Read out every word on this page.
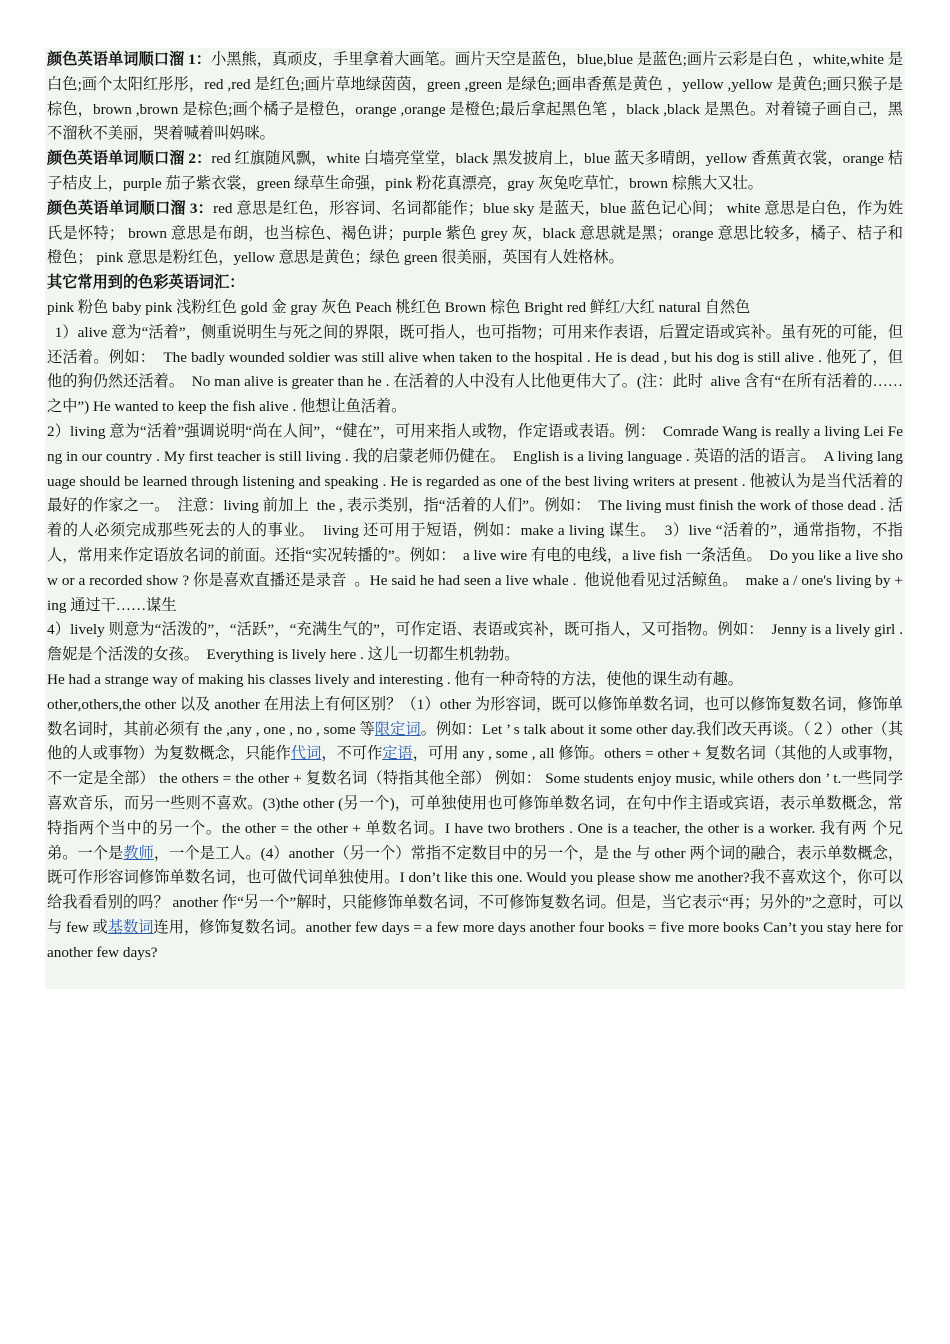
颜色英语单词顺口溜 1：小黑熊，真顽皮，手里拿着大画笔。画片天空是蓝色，blue,blue 是蓝色;画片云彩是白色 ，white,white 是白色;画个太阳红彤彤，red ,red 是红色;画片草地绿茵茵，green ,green 是绿色;画串香蕉是黄色 ，yellow ,yellow 是黄色;画只猴子是棕色，brown ,brown 是棕色;画个橘子是橙色，orange ,orange 是橙色;最后拿起黑色笔 ，black ,black 是黑色。对着镜子画自己，黑不溜秋不美丽，哭着喊着叫妈咪。

颜色英语单词顺口溜 2：red 红旗随风飘，white 白墙亮堂堂，black 黑发披肩上，blue 蓝天多晴朗，yellow 香蕉黄衣裳，orange 桔子桔皮上，purple 茄子紫衣裳，green 绿草生命强，pink 粉花真漂亮，gray 灰兔吃草忙，brown 棕熊大又壮。

颜色英语单词顺口溜 3：red 意思是红色，形容词、名词都能作；blue sky 是蓝天，blue 蓝色记心间； white 意思是白色，作为姓氏是怀特； brown 意思是布朗，也当棕色、褐色讲；purple 紫色 grey 灰，black 意思就是黑；orange 意思比较多，橘子、桔子和橙色； pink 意思是粉红色，yellow 意思是黄色；绿色 green 很美丽，英国有人姓格林。

其它常用到的色彩英语词汇：

pink 粉色 baby pink 浅粉红色 gold 金 gray 灰色 Peach 桃红色 Brown 棕色 Bright red 鲜红/大红 natural 自然色

1）alive 意为“活着”，侧重说明生与死之间的界限，既可指人，也可指物；可用来作表语，后置定语或宾补。虽有死的可能，但还活着。例如：  The badly wounded soldier was still alive when taken to the hospital . He is dead , but his dog is still alive . 他死了，但他的狗仍然还活着。  No man alive is greater than he . 在活着的人中没有人比他更伟大了。(注：此时  alive 含有“在所有活着的……之中”) He wanted to keep the fish alive . 他想让鱼活着。

2）living 意为“活着”强调说明“尚在人间”，“健在”，可用来指人或物，作定语或表语。例：  Comrade Wang is really a living Lei Feng in our country . My first teacher is still living . 我的启蒙老师仍健在。  English is a living language . 英语的活的语言。  A living language should be learned through listening and speaking . He is regarded as one of the best living writers at present . 他被认为是当代活着的最好的作家之一。  注意：living 前加上  the , 表示类别，指“活着的人们”。例如：  The living must finish the work of those dead . 活着的人必须完成那些死去的人的事业。  living 还可用于短语，例如：make a living 谋生。  3）live “活着的”，通常指物，不指人，常用来作定语放名词的前面。还指“实况转播的”。例如：  a live wire 有电的电线，a live fish 一条活鱼。  Do you like a live show or a recorded show ? 你是喜欢直播还是录音  。He said he had seen a live whale .  他说他看见过活鲸鱼。  make a / one's living by + ing 通过干……谋生

4）lively 则意为“活泼的”，“活跃”，“充满生气的”，可作定语、表语或宾补，既可指人，又可指物。例如：  Jenny is a lively girl . 詹妮是个活泼的女孩。  Everything is lively here . 这儿一切都生机勃勃。

He had a strange way of making his classes lively and interesting . 他有一种奇特的方法，使他的课生动有趣。

other,others,the other 以及 another 在用法上有何区别？（1）other 为形容词，既可以修饰单数名词，也可以修饰复数名词，修饰单数名词时，其前必须有 the ,any , one , no , some 等限定词。例如：Let ’ s talk about it some other day.我们改天再谈。（２）other（其他的人或事物）为复数概念，只能作代词，不可作定语，可用 any , some , all 修饰。others = other + 复数名词（其他的人或事物，不一定是全部） the others = the other + 复数名词（特指其他全部） 例如： Some students enjoy music, while others don ’ t.一些同学喜欢音乐，而另一些则不喜欢。(3)the other (另一个)，可单独使用也可修饰单数名词，在句中作主语或宾语，表示单数概念，常特指两个当中的另一个。the other = the other + 单数名词。I have two brothers . One is a teacher, the other is a worker. 我有两 个兄弟。一个是教师，一个是工人。(4）another（另一个）常指不定数目中的另一个，是 the 与 other 两个词的融合，表示单数概念，既可作形容词修饰单数名词，也可做代词单独使用。I don’t like this one. Would you please show me another?我不喜欢这个，你可以给我看看别的吗？ another 作“另一个”解时，只能修饰单数名词，不可修饰复数名词。但是，当它表示“再；另外的”之意时，可以与 few 或基数词连用，修饰复数名词。another few days = a few more days another four books = five more books Can’t you stay here for another few days?
